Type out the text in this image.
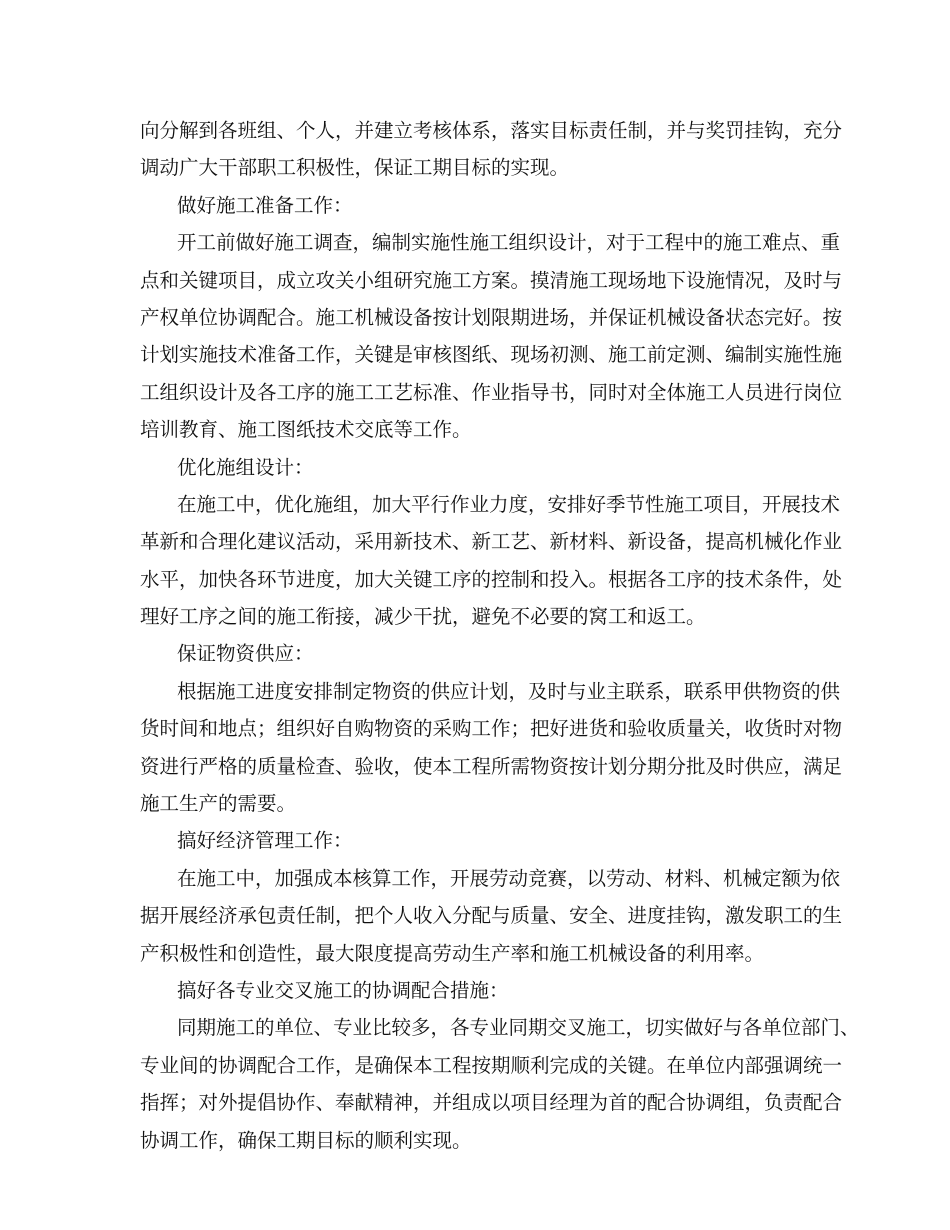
向分解到各班组、个人，并建立考核体系，落实目标责任制，并与奖罚挂钩，充分
调动广大干部职工积极性，保证工期目标的实现。
做好施工准备工作：
开工前做好施工调查，编制实施性施工组织设计，对于工程中的施工难点、重
点和关键项目，成立攻关小组研究施工方案。摸清施工现场地下设施情况，及时与
产权单位协调配合。施工机械设备按计划限期进场，并保证机械设备状态完好。按
计划实施技术准备工作，关键是审核图纸、现场初测、施工前定测、编制实施性施
工组织设计及各工序的施工工艺标准、作业指导书，同时对全体施工人员进行岗位
培训教育、施工图纸技术交底等工作。
优化施组设计：
在施工中，优化施组，加大平行作业力度，安排好季节性施工项目，开展技术
革新和合理化建议活动，采用新技术、新工艺、新材料、新设备，提高机械化作业
水平，加快各环节进度，加大关键工序的控制和投入。根据各工序的技术条件，处
理好工序之间的施工衔接，减少干扰，避免不必要的窝工和返工。
保证物资供应：
根据施工进度安排制定物资的供应计划，及时与业主联系，联系甲供物资的供
货时间和地点；组织好自购物资的采购工作；把好进货和验收质量关，收货时对物
资进行严格的质量检查、验收，使本工程所需物资按计划分期分批及时供应，满足
施工生产的需要。
搞好经济管理工作：
在施工中，加强成本核算工作，开展劳动竞赛，以劳动、材料、机械定额为依
据开展经济承包责任制，把个人收入分配与质量、安全、进度挂钩，激发职工的生
产积极性和创造性，最大限度提高劳动生产率和施工机械设备的利用率。
搞好各专业交叉施工的协调配合措施：
同期施工的单位、专业比较多，各专业同期交叉施工，切实做好与各单位部门、
专业间的协调配合工作，是确保本工程按期顺利完成的关键。在单位内部强调统一
指挥；对外提倡协作、奉献精神，并组成以项目经理为首的配合协调组，负责配合
协调工作，确保工期目标的顺利实现。
